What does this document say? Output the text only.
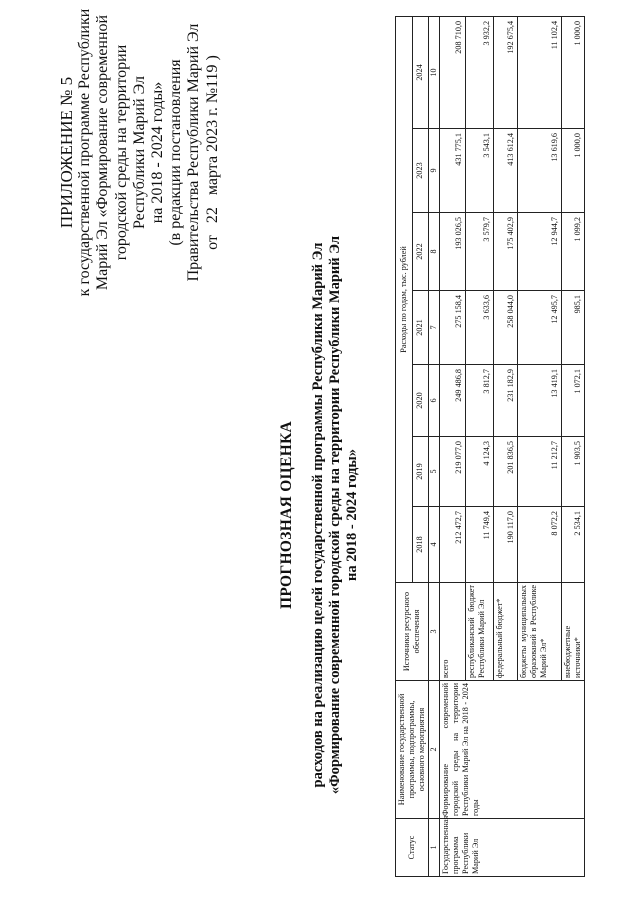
ПРИЛОЖЕНИЕ № 5 к государственной программе Республики Марий Эл «Формирование современной городской среды на территории Республики Марий Эл на 2018 - 2024 годы» (в редакции постановления Правительства Республики Марий Эл от 22 марта 2023 г. №119 )
ПРОГНОЗНАЯ ОЦЕНКА расходов на реализацию целей государственной программы Республики Марий Эл «Формирование современной городской среды на территории Республики Марий Эл на 2018 - 2024 годы»
Статус	Наименование государственной программы, подпрограммы, основного мероприятия	Источники ресурсного обеспечения	Расходы по годам, тыс. рублей						
			2018	2019	2020	2021	2022	2023	2024
1	2	3	4	5	6	7	8	9	10
Государственная программа Республики Марий Эл	Формирование современной городской среды на территории Республики Марий Эл на 2018 - 2024 годы	всего	212 472,7	219 077,0	249 486,8	275 158,4	193 026,5	431 775,1	208 710,0
		республиканский бюджет Республики Марий Эл	11 749,4	4 124,3	3 812,7	3 633,6	3 579,7	3 543,1	3 932,2
		федеральный бюджет*	190 117,0	201 836,5	231 182,9	258 044,0	175 402,9	413 612,4	192 675,4
		бюджеты муниципальных образований в Республике Марий Эл*	8 072,2	11 212,7	13 419,1	12 495,7	12 944,7	13 619,6	11 102,4
		внебюджетные источники*	2 534,1	1 903,5	1 072,1	985,1	1 099,2	1 000,0	1 000,0
